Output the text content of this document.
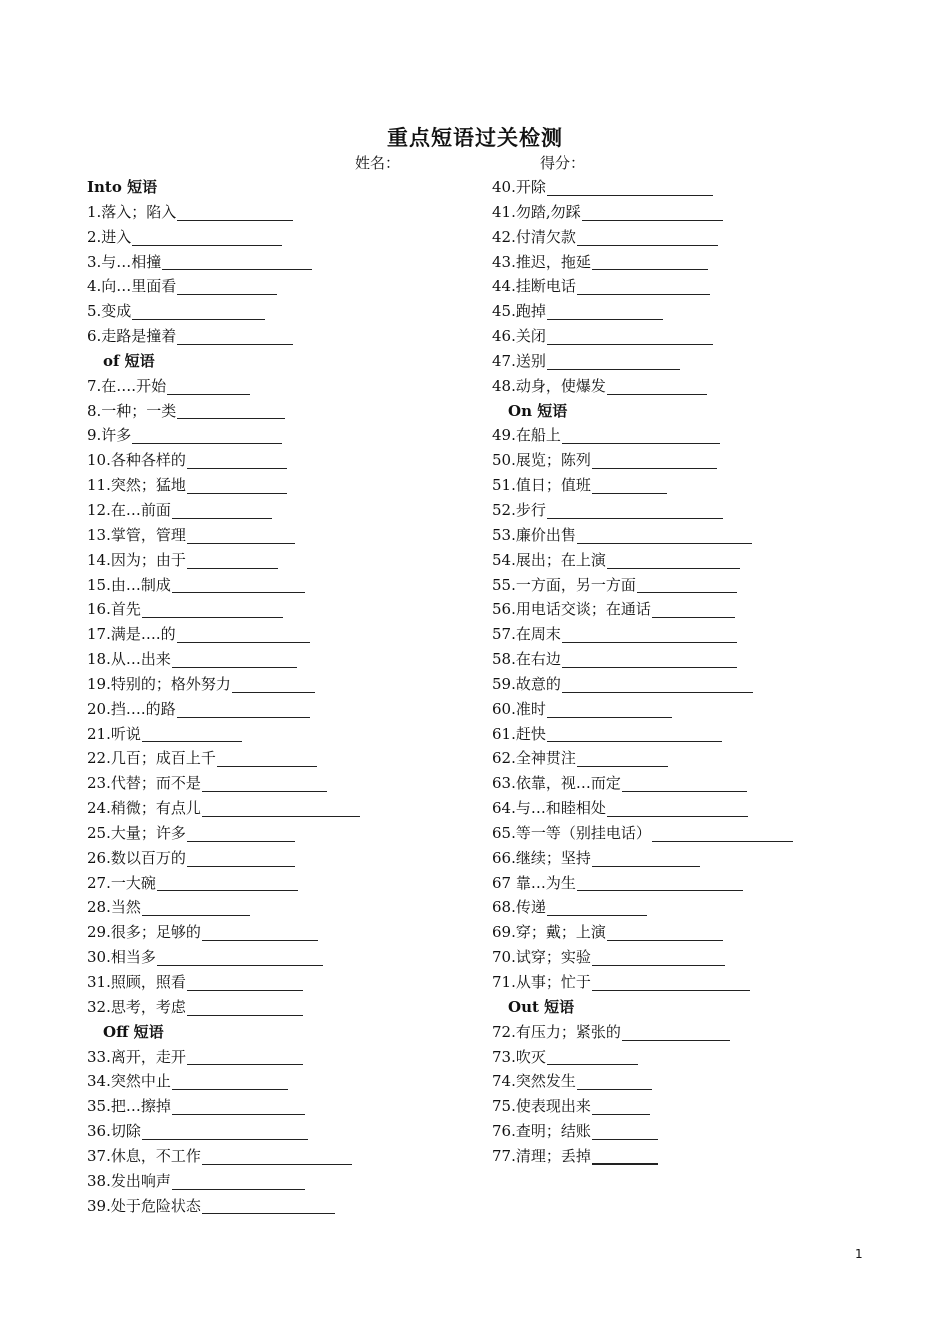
重点短语过关检测
姓名：	得分：
Into 短语
1.落入；陷入
2.进入
3.与…相撞
4.向…里面看
5.变成
6.走路是撞着
of 短语
7.在….开始
8.一种；一类
9.许多
10.各种各样的
11.突然；猛地
12.在…前面
13.掌管，管理
14.因为；由于
15.由…制成
16.首先
17.满是….的
18.从…出来
19.特别的；格外努力
20.挡….的路
21.听说
22.几百；成百上千
23.代替；而不是
24.稍微；有点儿
25.大量；许多
26.数以百万的
27.一大碗
28.当然
29.很多；足够的
30.相当多
31.照顾，照看
32.思考，考虑
Off 短语
33.离开，走开
34.突然中止
35.把…擦掉
36.切除
37.休息，不工作
38.发出响声
39.处于危险状态
40.开除
41.勿踏,勿踩
42.付清欠款
43.推迟，拖延
44.挂断电话
45.跑掉
46.关闭
47.送别
48.动身，使爆发
On 短语
49.在船上
50.展览；陈列
51.值日；值班
52.步行
53.廉价出售
54.展出；在上演
55.一方面，另一方面
56.用电话交谈；在通话
57.在周末
58.在右边
59.故意的
60.准时
61.赶快
62.全神贯注
63.依靠，视…而定
64.与…和睦相处
65.等一等（别挂电话）
66.继续；坚持
67 靠…为生
68.传递
69.穿；戴；上演
70.试穿；实验
71.从事；忙于
Out 短语
72.有压力；紧张的
73.吹灭
74.突然发生
75.使表现出来
76.查明；结账
77.清理；丢掉
1
